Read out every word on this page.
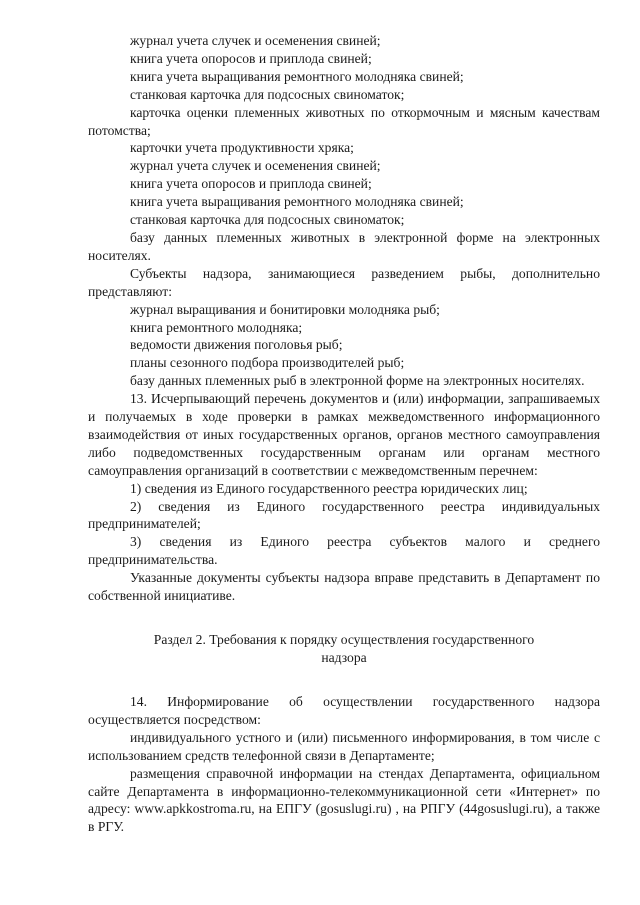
журнал учета случек и осеменения свиней;

книга учета опоросов и приплода свиней;

книга учета выращивания ремонтного молодняка свиней;

станковая карточка для подсосных свиноматок;

карточка оценки племенных животных по откормочным и мясным качествам потомства;

карточки учета продуктивности хряка;

журнал учета случек и осеменения свиней;

книга учета опоросов и приплода свиней;

книга учета выращивания ремонтного молодняка свиней;

станковая карточка для подсосных свиноматок;

базу данных племенных животных в электронной форме на электронных носителях.

Субъекты надзора, занимающиеся разведением рыбы, дополнительно представляют:

журнал выращивания и бонитировки молодняка рыб;

книга ремонтного молодняка;

ведомости движения поголовья рыб;

планы сезонного подбора производителей рыб;

базу данных племенных рыб в электронной форме на электронных носителях.

13. Исчерпывающий перечень документов и (или) информации, запрашиваемых и получаемых в ходе проверки в рамках межведомственного информационного взаимодействия от иных государственных органов, органов местного самоуправления либо подведомственных государственным органам или органам местного самоуправления организаций в соответствии с межведомственным перечнем:

1) сведения из Единого государственного реестра юридических лиц;

2) сведения из Единого государственного реестра индивидуальных предпринимателей;

3) сведения из Единого реестра субъектов малого и среднего предпринимательства.

Указанные документы субъекты надзора вправе представить в Департамент по собственной инициативе.

Раздел 2. Требования к порядку осуществления государственного

надзора

14. Информирование об осуществлении государственного надзора осуществляется посредством:

индивидуального устного и (или) письменного информирования, в том числе с использованием средств телефонной связи в Департаменте;

размещения справочной информации на стендах Департамента, официальном сайте Департамента в информационно-телекоммуникационной сети «Интернет» по адресу: www.apkkostroma.ru, на ЕПГУ (gosuslugi.ru) , на РПГУ (44gosuslugi.ru), а также в РГУ.
